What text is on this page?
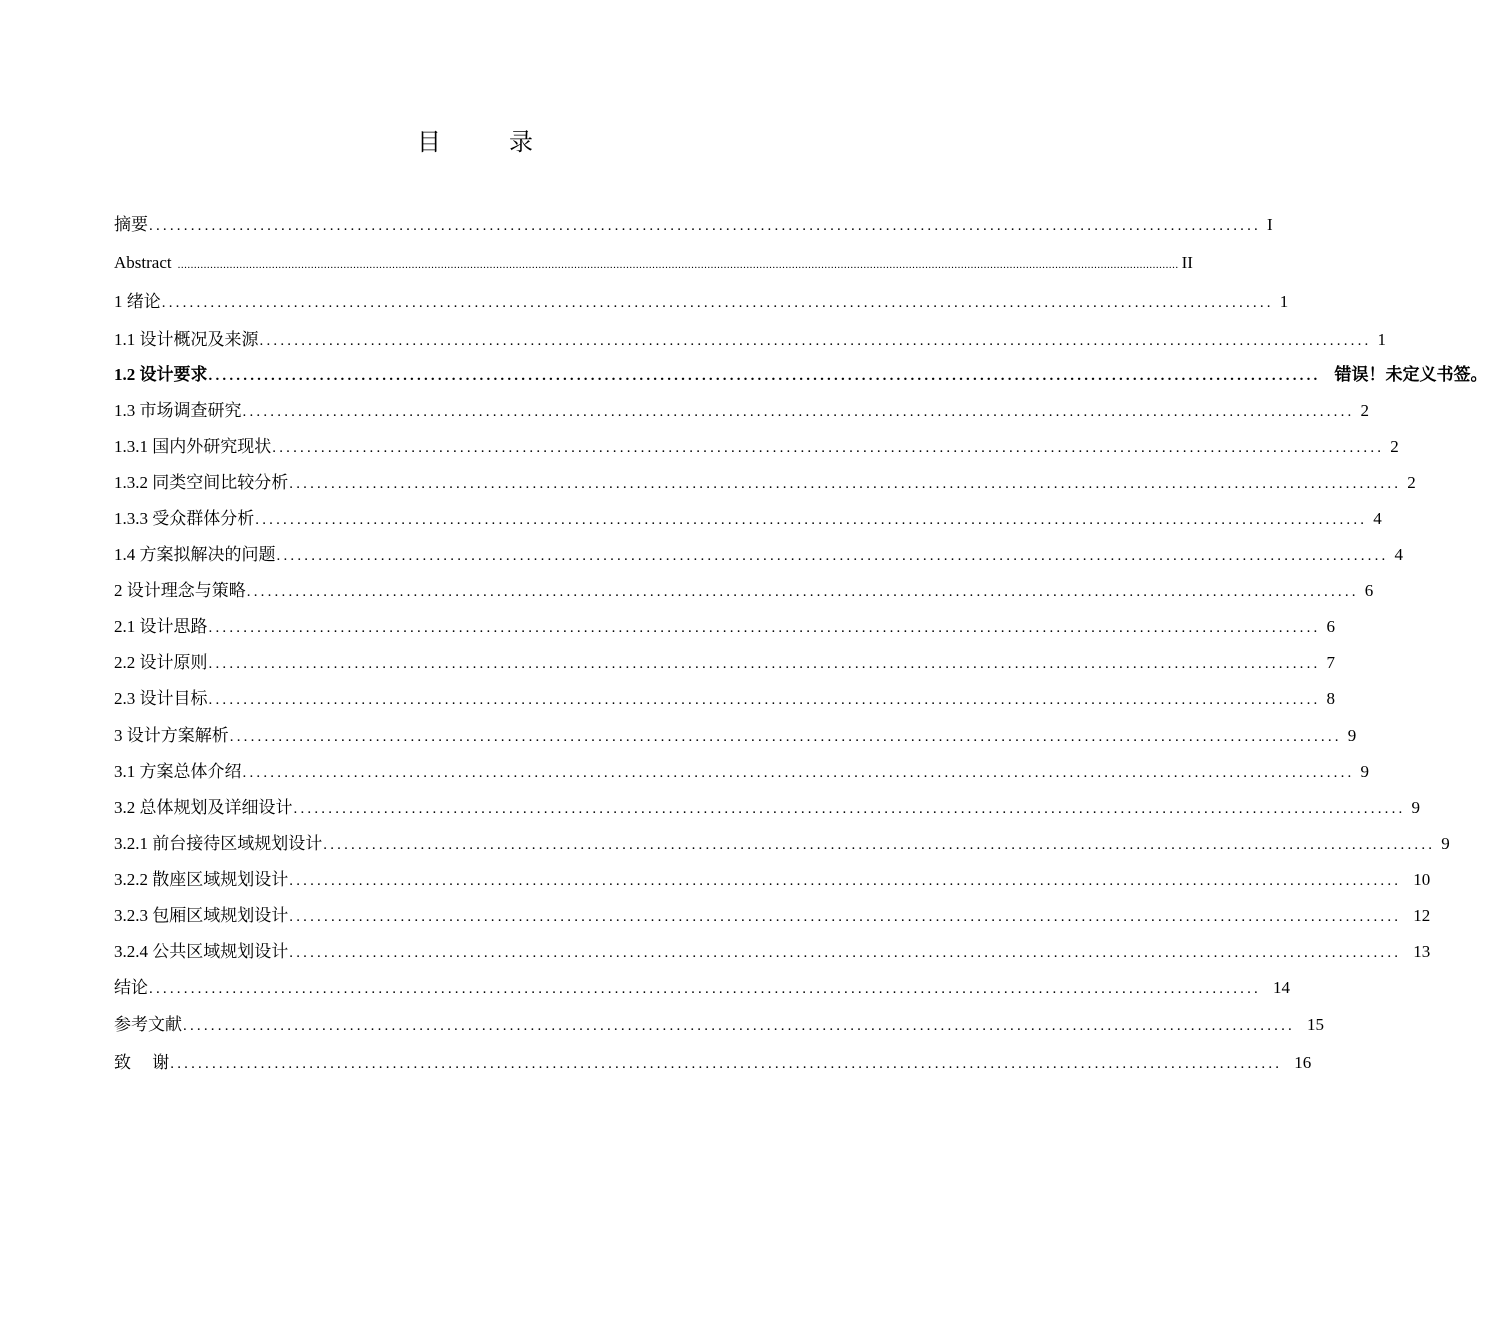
目　录
摘要 ................................................................................................................................................................ I
Abstract .................................................................................................................................................................................................................................................................................................................... II
1 绪论 ................................................................................................................................................................ 1
1.1 设计概况及来源 ................................................................................................................................................................ 1
1.2 设计要求 ................................................................................................................................................................ 错误！未定义书签。
1.3 市场调查研究 ................................................................................................................................................................ 2
1.3.1 国内外研究现状 ................................................................................................................................................................ 2
1.3.2 同类空间比较分析 ................................................................................................................................................................ 2
1.3.3 受众群体分析 ................................................................................................................................................................ 4
1.4 方案拟解决的问题 ................................................................................................................................................................ 4
2 设计理念与策略 ................................................................................................................................................................ 6
2.1 设计思路 ................................................................................................................................................................ 6
2.2 设计原则 ................................................................................................................................................................ 7
2.3 设计目标 ................................................................................................................................................................ 8
3 设计方案解析 ................................................................................................................................................................ 9
3.1 方案总体介绍 ................................................................................................................................................................ 9
3.2 总体规划及详细设计 ................................................................................................................................................................ 9
3.2.1 前台接待区域规划设计 ................................................................................................................................................................ 9
3.2.2 散座区域规划设计 ................................................................................................................................................................ 10
3.2.3 包厢区域规划设计 ................................................................................................................................................................ 12
3.2.4 公共区域规划设计 ................................................................................................................................................................ 13
结论 ................................................................................................................................................................ 14
参考文献 ................................................................................................................................................................ 15
致　 谢 ................................................................................................................................................................ 16
